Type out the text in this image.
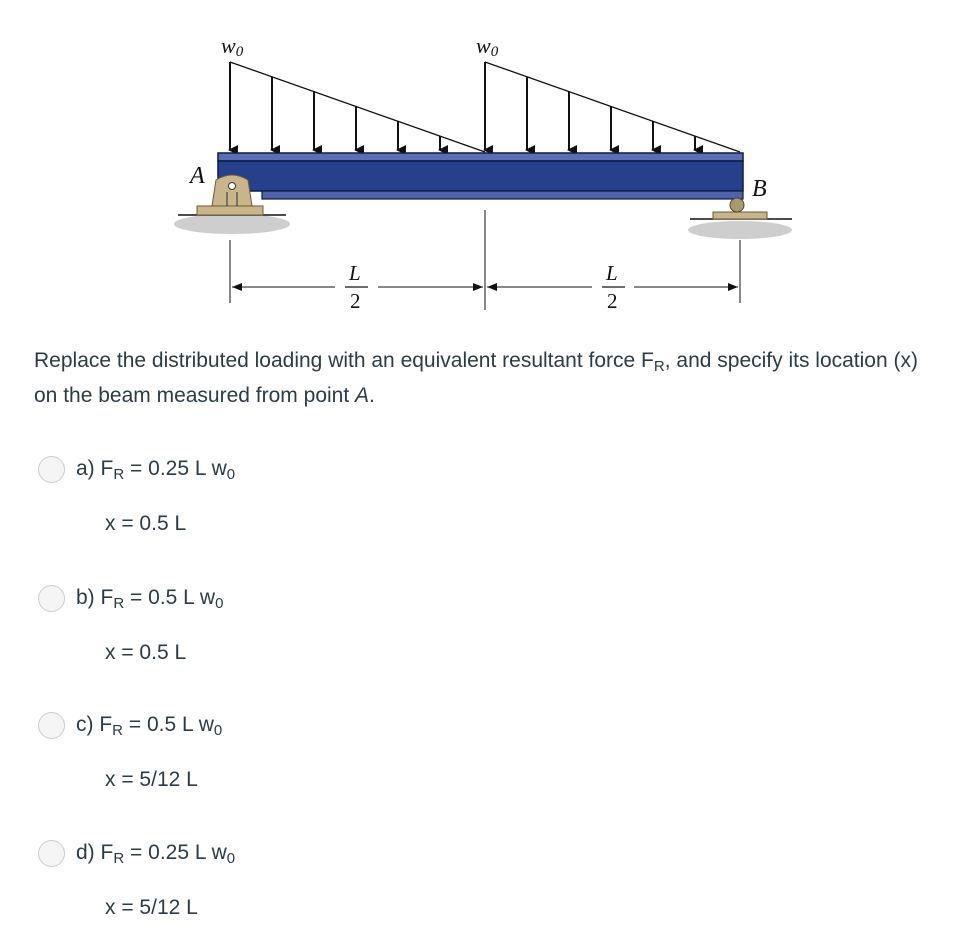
w0	w0
A	B
L
2
L
2

Replace the distributed loading with an equivalent resultant force FR, and specify its location (x) on the beam measured from point A.

a) FR = 0.25 L w0
x = 0.5 L
b) FR = 0.5 L w0
x = 0.5 L
c) FR = 0.5 L w0
x = 5/12 L
d) FR = 0.25 L w0
x = 5/12 L
